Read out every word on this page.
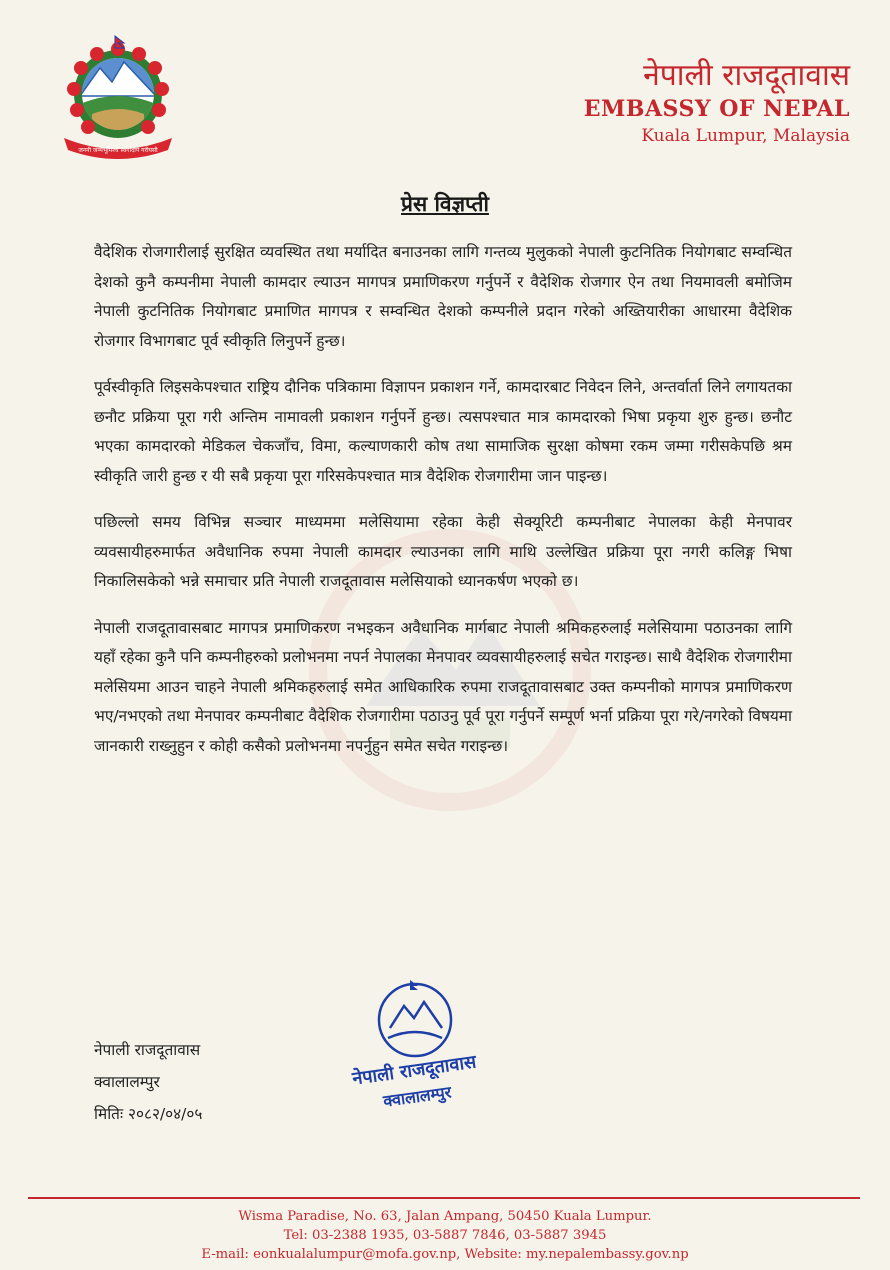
जननी जन्मभूमिश्च स्वर्गादपि गरीयसी
नेपाली राजदूतावास
EMBASSY OF NEPAL
Kuala Lumpur, Malaysia
प्रेस विज्ञप्ती

वैदेशिक रोजगारीलाई सुरक्षित व्यवस्थित तथा मर्यादित बनाउनका लागि गन्तव्य मुलुकको नेपाली कुटनितिक नियोगबाट सम्वन्धित देशको कुनै कम्पनीमा नेपाली कामदार ल्याउन मागपत्र प्रमाणिकरण गर्नुपर्ने र वैदेशिक रोजगार ऐन तथा नियमावली बमोजिम नेपाली कुटनितिक नियोगबाट प्रमाणित मागपत्र र सम्वन्धित देशको कम्पनीले प्रदान गरेको अख्तियारीका आधारमा वैदेशिक रोजगार विभागबाट पूर्व स्वीकृति लिनुपर्ने हुन्छ।

पूर्वस्वीकृति लिइसकेपश्चात राष्ट्रिय दौनिक पत्रिकामा विज्ञापन प्रकाशन गर्ने, कामदारबाट निवेदन लिने, अन्तर्वार्ता लिने लगायतका छनौट प्रक्रिया पूरा गरी अन्तिम नामावली प्रकाशन गर्नुपर्ने हुन्छ। त्यसपश्चात मात्र कामदारको भिषा प्रकृया शुरु हुन्छ। छनौट भएका कामदारको मेडिकल चेकजाँच, विमा, कल्याणकारी कोष तथा सामाजिक सुरक्षा कोषमा रकम जम्मा गरीसकेपछि श्रम स्वीकृति जारी हुन्छ र यी सबै प्रकृया पूरा गरिसकेपश्चात मात्र वैदेशिक रोजगारीमा जान पाइन्छ।

पछिल्लो समय विभिन्न सञ्चार माध्यममा मलेसियामा रहेका केही सेक्यूरिटी कम्पनीबाट नेपालका केही मेनपावर व्यवसायीहरुमार्फत अवैधानिक रुपमा नेपाली कामदार ल्याउनका लागि माथि उल्लेखित प्रक्रिया पूरा नगरी कलिङ्ग भिषा निकालिसकेको भन्ने समाचार प्रति नेपाली राजदूतावास मलेसियाको ध्यानकर्षण भएको छ।

नेपाली राजदूतावासबाट मागपत्र प्रमाणिकरण नभइकन अवैधानिक मार्गबाट नेपाली श्रमिकहरुलाई मलेसियामा पठाउनका लागि यहाँ रहेका कुनै पनि कम्पनीहरुको प्रलोभनमा नपर्न नेपालका मेनपावर व्यवसायीहरुलाई सचेत गराइन्छ। साथै वैदेशिक रोजगारीमा मलेसियमा आउन चाहने नेपाली श्रमिकहरुलाई समेत आधिकारिक रुपमा राजदूतावासबाट उक्त कम्पनीको मागपत्र प्रमाणिकरण भए/नभएको तथा मेनपावर कम्पनीबाट वैदेशिक रोजगारीमा पठाउनु पूर्व पूरा गर्नुपर्ने सम्पूर्ण भर्ना प्रक्रिया पूरा गरे/नगरेको विषयमा जानकारी राख्नुहुन र कोही कसैको प्रलोभनमा नपर्नुहुन समेत सचेत गराइन्छ।

नेपाली राजदूतावास
क्वालालम्पुर
मितिः २०८२/०४/०५
नेपाली राजदूतावास
क्वालालम्पुर
Wisma Paradise, No. 63, Jalan Ampang, 50450 Kuala Lumpur.
Tel: 03-2388 1935, 03-5887 7846, 03-5887 3945
E-mail: eonkualalumpur@mofa.gov.np, Website: my.nepalembassy.gov.np
